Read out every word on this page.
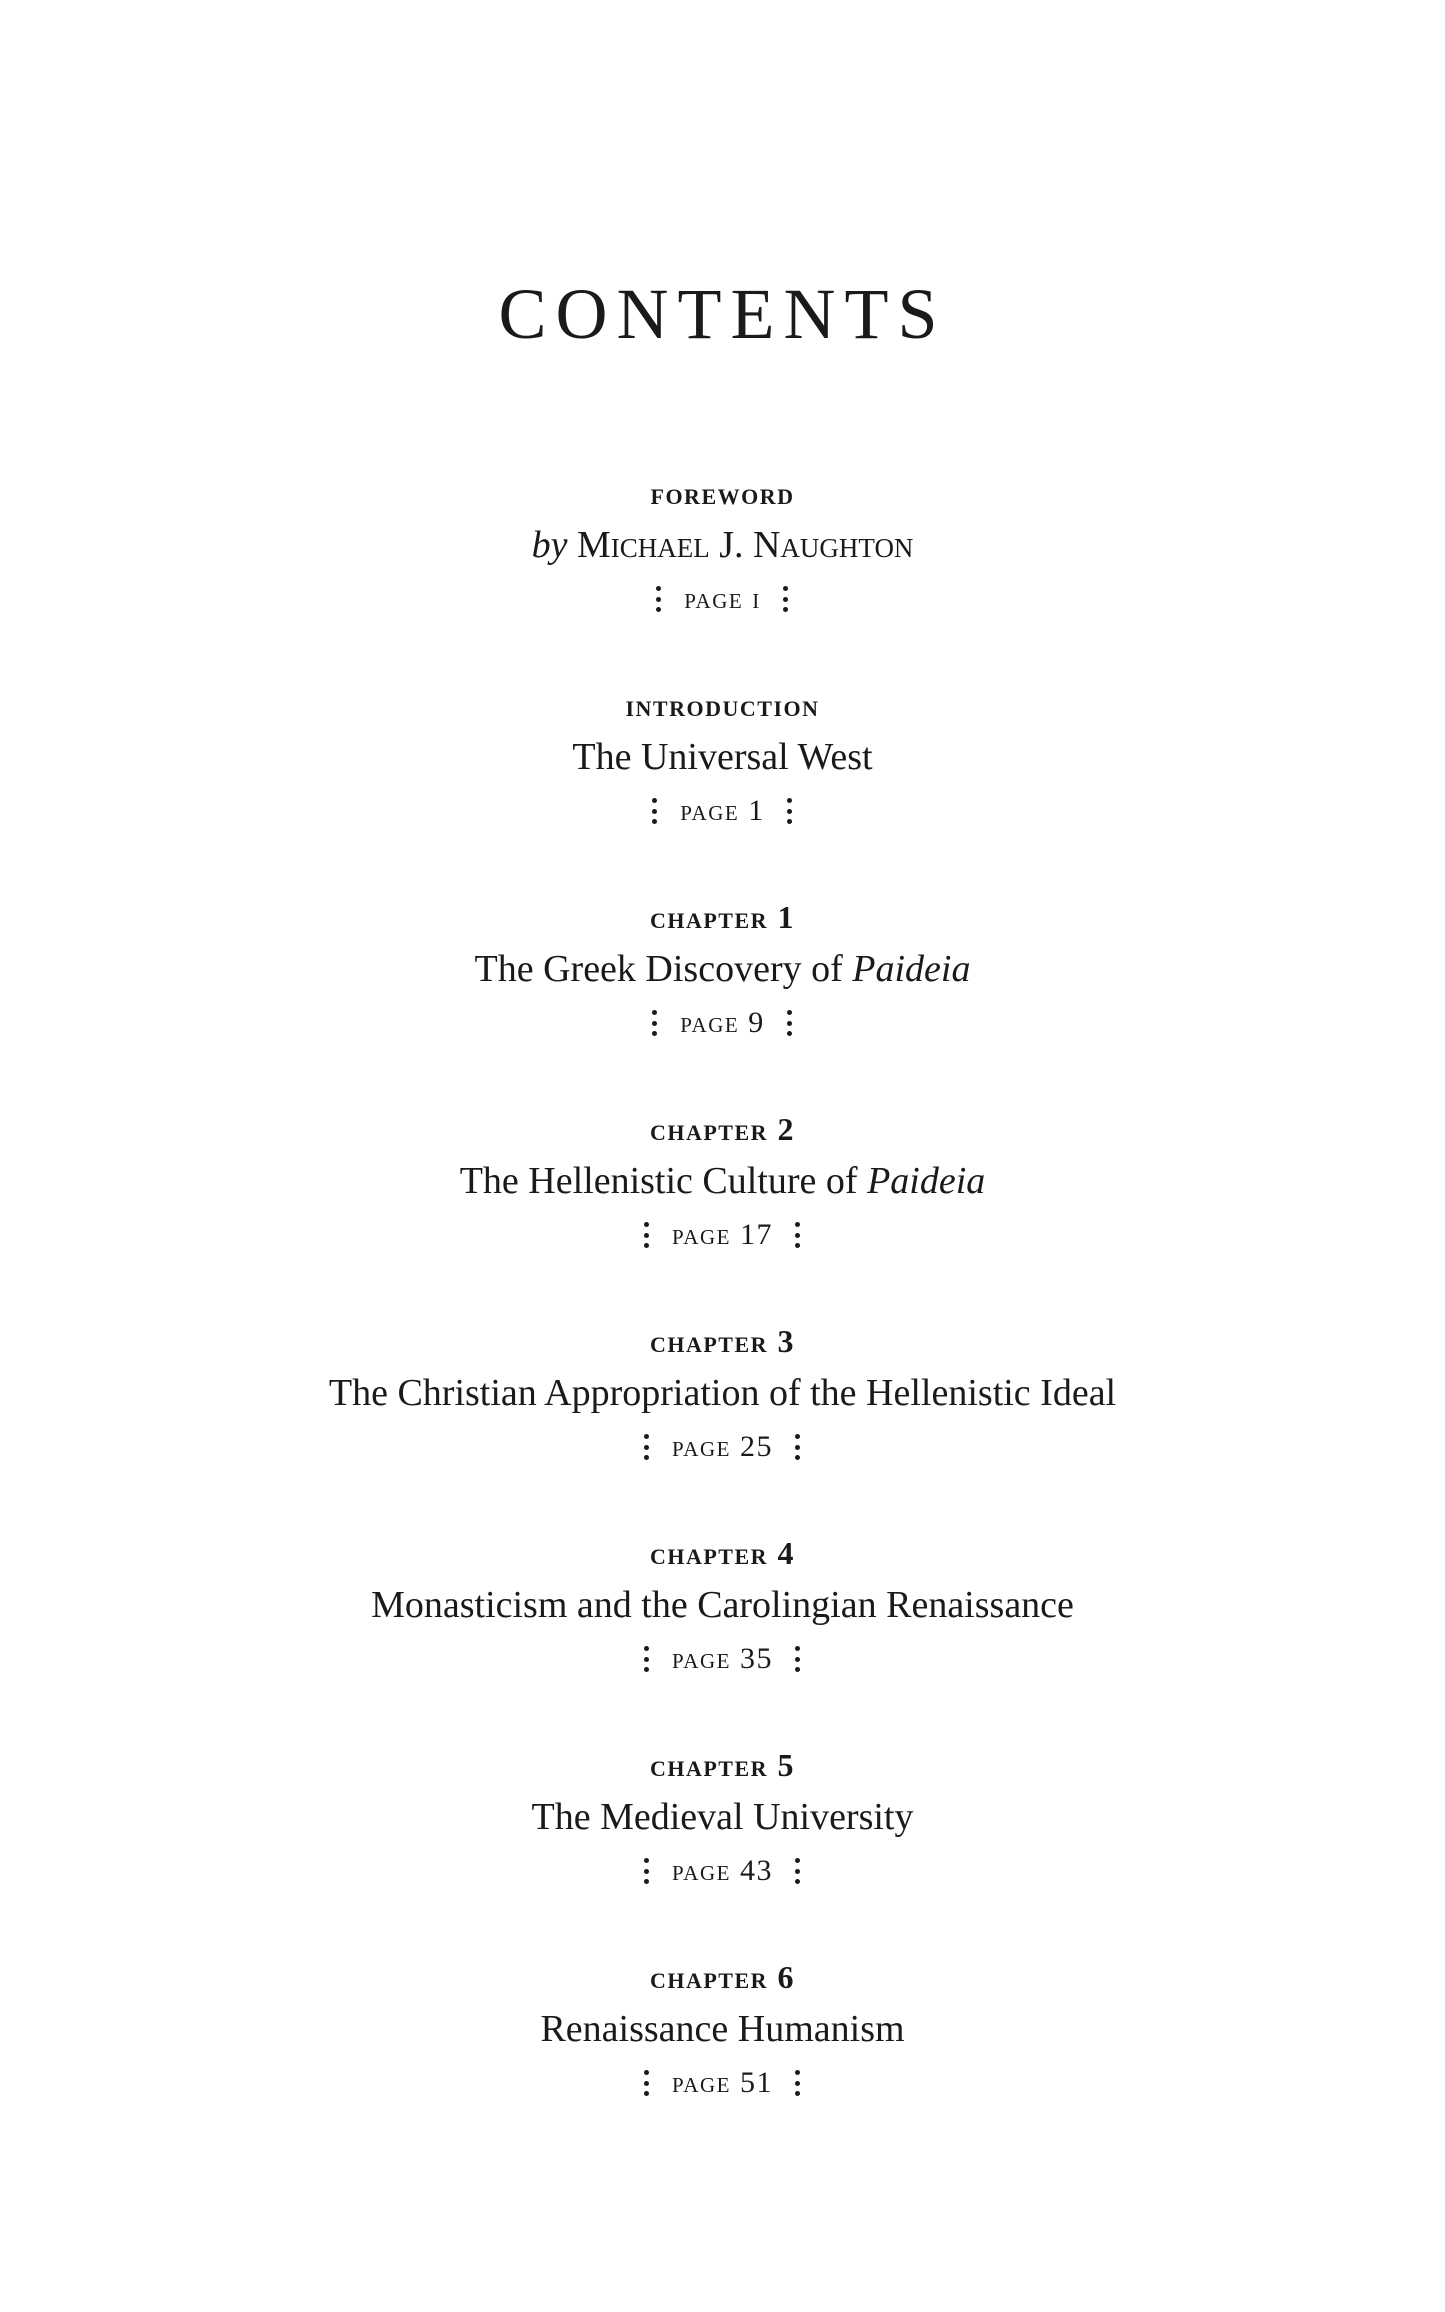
CONTENTS
foreword
by Michael J. Naughton
page i
introduction
The Universal West
page 1
chapter 1
The Greek Discovery of Paideia
page 9
chapter 2
The Hellenistic Culture of Paideia
page 17
chapter 3
The Christian Appropriation of the Hellenistic Ideal
page 25
chapter 4
Monasticism and the Carolingian Renaissance
page 35
chapter 5
The Medieval University
page 43
chapter 6
Renaissance Humanism
page 51
